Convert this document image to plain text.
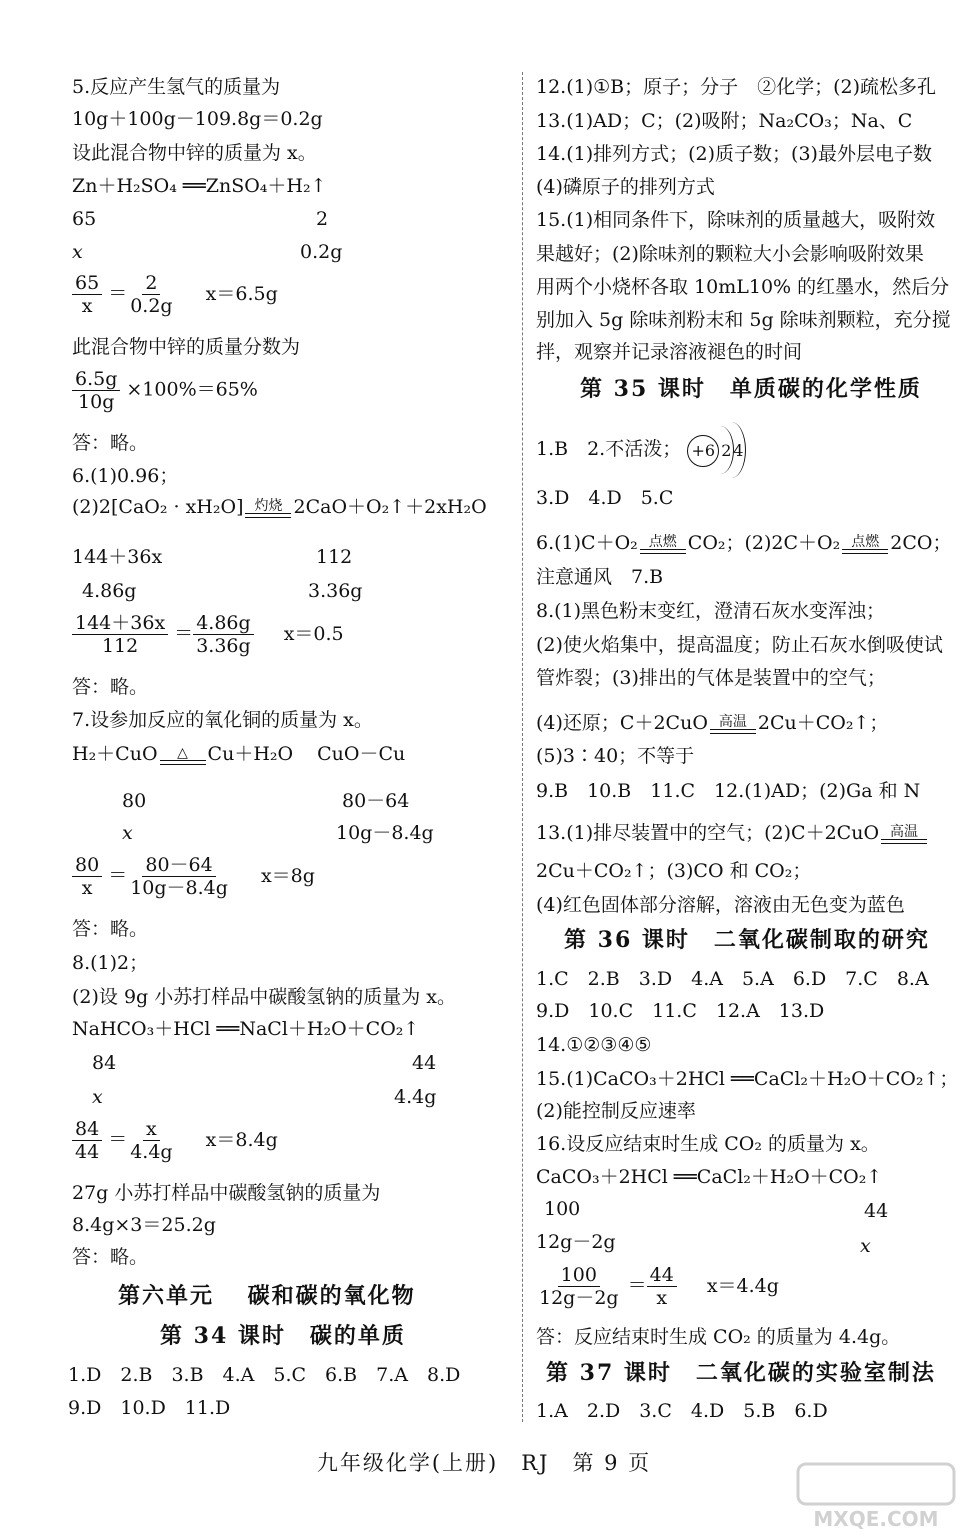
5.反应产生氢气的质量为
10g＋100g－109.8g＝0.2g
设此混合物中锌的质量为 x。
Zn＋H₂SO₄ ══ZnSO₄＋H₂↑
65	2
x	0.2g
$\frac{65}{x} = \frac{2}{0.2g} x=6.5g$
此混合物中锌的质量分数为
$\frac{6.5g}{10g} \times 100\%=65\%$
答：略。
6.(1)0.96；
(2)2[CaO₂ · xH₂O] 灼烧 2CaO＋O₂↑＋2xH₂O
144＋36x	112
4.86g	3.36g
$\frac{144+36x}{112} = \frac{4.86g}{3.36g} x=0.5$
答：略。
7.设参加反应的氧化铜的质量为 x。
H₂＋CuO △ Cu＋H₂O CuO－Cu
80	80－64
x	10g－8.4g
$\frac{80}{x} = \frac{80-64}{10g-8.4g} x=8g$
答：略。
8.(1)2；
(2)设 9g 小苏打样品中碳酸氢钠的质量为 x。
NaHCO₃＋HCl ══NaCl＋H₂O＋CO₂↑
84	44
x	4.4g
$\frac{84}{44} = \frac{x}{4.4g} x=8.4g$
27g 小苏打样品中碳酸氢钠的质量为
8.4g×3＝25.2g
答：略。
第六单元　 碳和碳的氧化物
第 34 课时　碳的单质
1.D　2.B　3.B　4.A　5.C　6.B　7.A　8.D
9.D　10.D　11.D
12.(1)①B；原子；分子　②化学；(2)疏松多孔
13.(1)AD；C；(2)吸附；Na₂CO₃；Na、C
14.(1)排列方式；(2)质子数；(3)最外层电子数
(4)磷原子的排列方式
15.(1)相同条件下，除味剂的质量越大，吸附效
果越好；(2)除味剂的颗粒大小会影响吸附效果
用两个小烧杯各取 10mL10% 的红墨水，然后分
别加入 5g 除味剂粉末和 5g 除味剂颗粒，充分搅
拌，观察并记录溶液褪色的时间
第 35 课时　单质碳的化学性质
1.B　2.不活泼； +6 2 4
3.D　4.D　5.C
6.(1)C＋O₂ 点燃 CO₂；(2)2C＋O₂ 点燃 2CO；
注意通风　7.B
8.(1)黑色粉末变红，澄清石灰水变浑浊；
(2)使火焰集中，提高温度；防止石灰水倒吸使试
管炸裂；(3)排出的气体是装置中的空气；
(4)还原；C＋2CuO 高温 2Cu＋CO₂↑；
(5)3∶40；不等于
9.B　10.B　11.C　12.(1)AD；(2)Ga 和 N
13.(1)排尽装置中的空气；(2)C＋2CuO 高温
2Cu＋CO₂↑；(3)CO 和 CO₂；
(4)红色固体部分溶解，溶液由无色变为蓝色
第 36 课时　二氧化碳制取的研究
1.C　2.B　3.D　4.A　5.A　6.D　7.C　8.A
9.D　10.C　11.C　12.A　13.D
14.①②③④⑤
15.(1)CaCO₃＋2HCl ══CaCl₂＋H₂O＋CO₂↑；
(2)能控制反应速率
16.设反应结束时生成 CO₂ 的质量为 x。
CaCO₃＋2HCl ══CaCl₂＋H₂O＋CO₂↑
100	44
12g－2g	x
$\frac{100}{12g-2g} = \frac{44}{x} x=4.4g$
答：反应结束时生成 CO₂ 的质量为 4.4g。
第 37 课时　二氧化碳的实验室制法
1.A　2.D　3.C　4.D　5.B　6.D
九年级化学(上册)　RJ　第 9 页
MXQE.COM
